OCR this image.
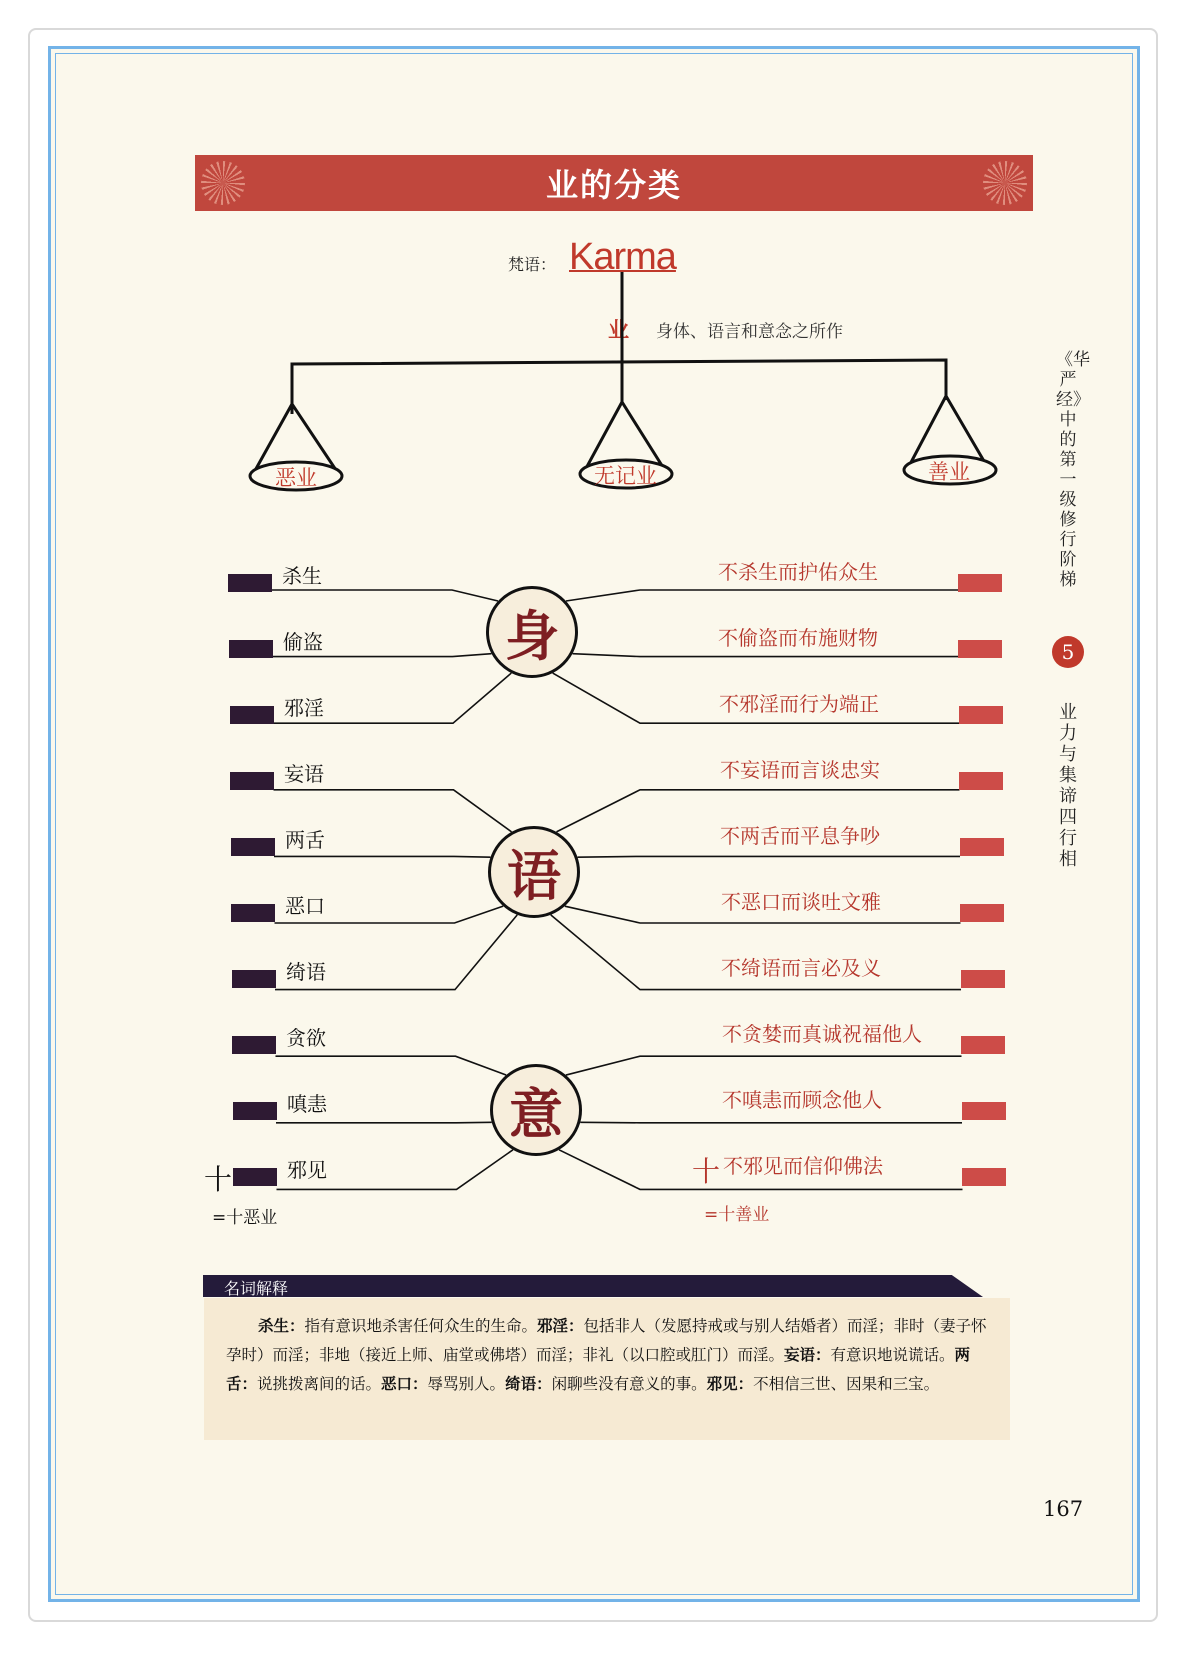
业的分类
梵语： Karma
业 身体、语言和意念之所作
恶业	无记业	善业
杀生
偷盗
邪淫
妄语
两舌
恶口
绮语
贪欲
嗔恚
邪见
不杀生而护佑众生
不偷盗而布施财物
不邪淫而行为端正
不妄语而言谈忠实
不两舌而平息争吵
不恶口而谈吐文雅
不绮语而言必及义
不贪婪而真诚祝福他人
不嗔恚而顾念他人
不邪见而信仰佛法
身
语
意
十
=十恶业
十
=十善业
《华严经》中的第一级修行阶梯
5
业力与集谛四行相
名词解释
杀生：指有意识地杀害任何众生的生命。邪淫：包括非人（发愿持戒或与别人结婚者）而淫；非时（妻子怀孕时）而淫；非地（接近上师、庙堂或佛塔）而淫；非礼（以口腔或肛门）而淫。妄语：有意识地说谎话。两舌：说挑拨离间的话。恶口：辱骂别人。绮语：闲聊些没有意义的事。邪见：不相信三世、因果和三宝。
167
